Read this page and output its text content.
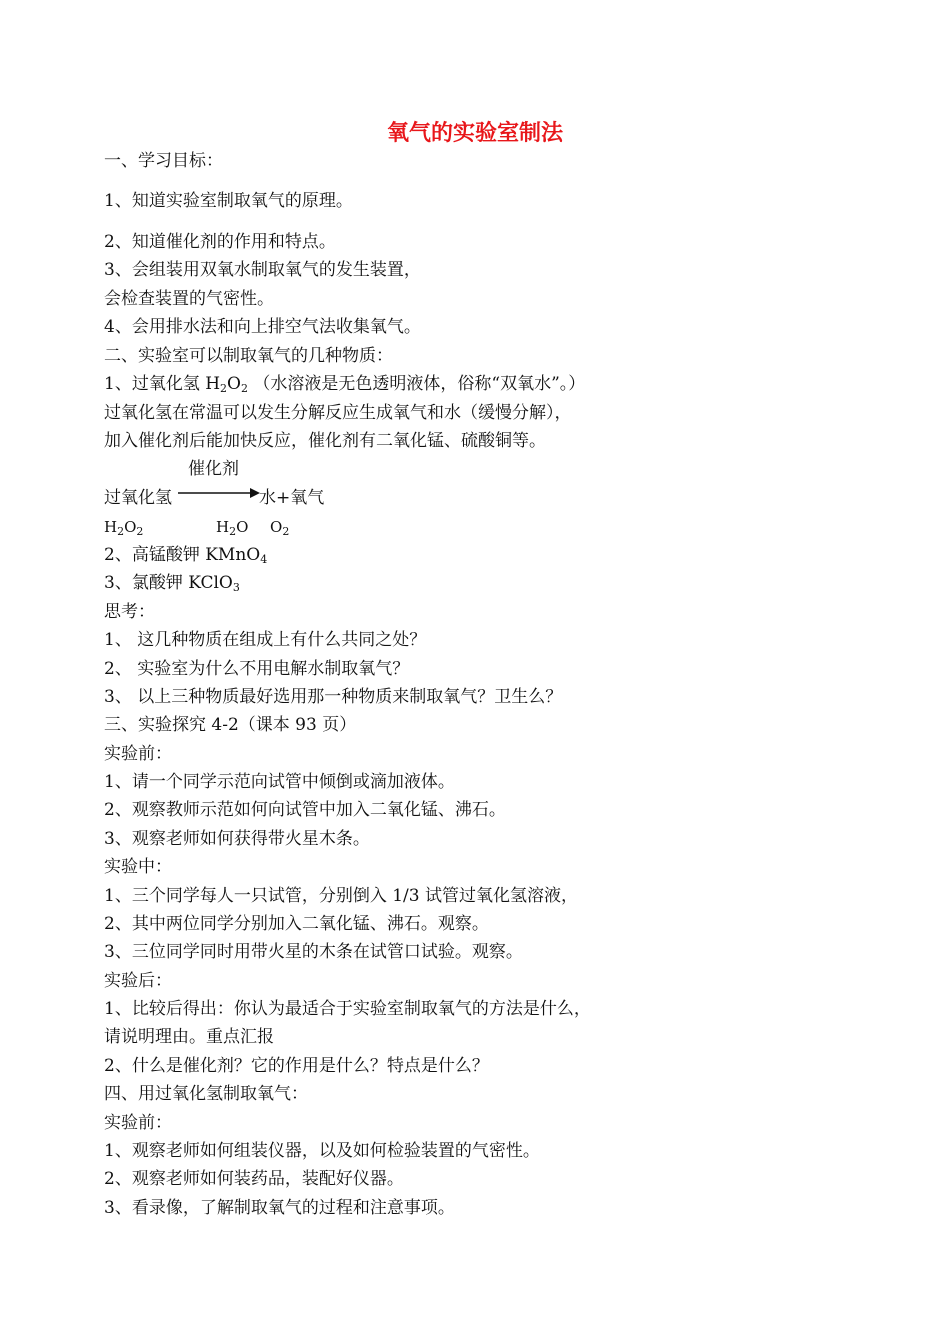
氧气的实验室制法
一、学习目标：
1、知道实验室制取氧气的原理。
2、知道催化剂的作用和特点。
3、会组装用双氧水制取氧气的发生装置，
会检查装置的气密性。
4、会用排水法和向上排空气法收集氧气。
二、实验室可以制取氧气的几种物质：
1、过氧化氢 $H_2O_2$ （水溶液是无色透明液体，俗称“双氧水”。）
过氧化氢在常温可以发生分解反应生成氧气和水（缓慢分解），
加入催化剂后能加快反应，催化剂有二氧化锰、硫酸铜等。
催化剂
过氧化氢	水+氧气
$H_2O_2$	$H_2O$ $O_2$
2、高锰酸钾 KMnO$_4$
3、氯酸钾 KClO$_3$
思考：
1、 这几种物质在组成上有什么共同之处？
2、 实验室为什么不用电解水制取氧气？
3、 以上三种物质最好选用那一种物质来制取氧气？卫生么？
三、实验探究 4-2（课本 93 页）
实验前：
1、请一个同学示范向试管中倾倒或滴加液体。
2、观察教师示范如何向试管中加入二氧化锰、沸石。
3、观察老师如何获得带火星木条。
实验中：
1、三个同学每人一只试管，分别倒入 1/3 试管过氧化氢溶液，
2、其中两位同学分别加入二氧化锰、沸石。观察。
3、三位同学同时用带火星的木条在试管口试验。观察。
实验后：
1、比较后得出：你认为最适合于实验室制取氧气的方法是什么，
请说明理由。重点汇报
2、什么是催化剂？它的作用是什么？特点是什么？
四、用过氧化氢制取氧气：
实验前：
1、观察老师如何组装仪器，以及如何检验装置的气密性。
2、观察老师如何装药品，装配好仪器。
3、看录像，了解制取氧气的过程和注意事项。
